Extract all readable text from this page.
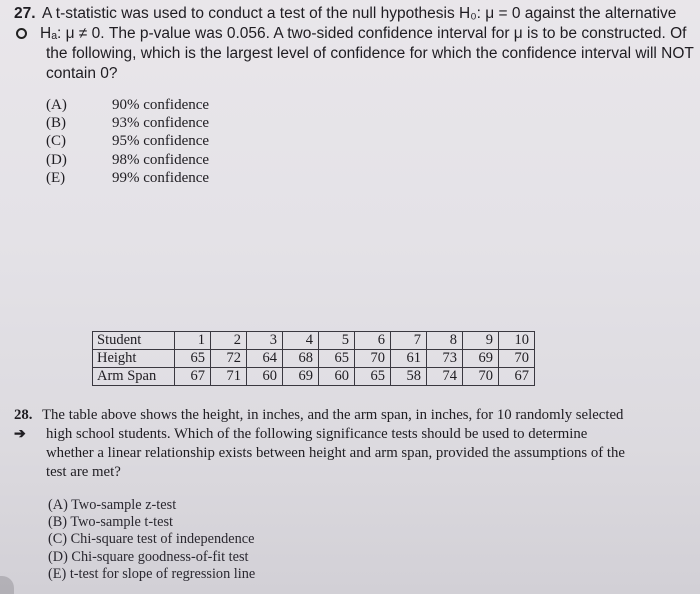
27. A t-statistic was used to conduct a test of the null hypothesis H₀: μ = 0 against the alternative
Hₐ: μ ≠ 0. The p-value was 0.056. A two-sided confidence interval for μ is to be constructed. Of
the following, which is the largest level of confidence for which the confidence interval will NOT
contain 0?
(A)	90% confidence
(B)	93% confidence
(C)	95% confidence
(D)	98% confidence
(E)	99% confidence
Student	1	2	3	4	5	6	7	8	9	10
Height	65	72	64	68	65	70	61	73	69	70
Arm Span	67	71	60	69	60	65	58	74	70	67
28. The table above shows the height, in inches, and the arm span, in inches, for 10 randomly selected
➔ high school students. Which of the following significance tests should be used to determine
whether a linear relationship exists between height and arm span, provided the assumptions of the
test are met?
(A) Two-sample z-test
(B) Two-sample t-test
(C) Chi-square test of independence
(D) Chi-square goodness-of-fit test
(E) t-test for slope of regression line
